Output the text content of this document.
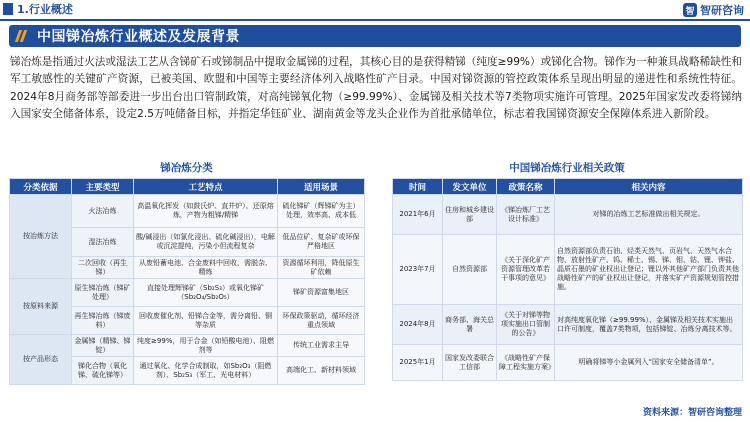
1.行业概述	智 智研咨询
中国锑冶炼行业概述及发展背景

锑冶炼是指通过火法或湿法工艺从含锑矿石或锑制品中提取金属锑的过程，其核心目的是获得精锑（纯度≥99%）或锑化合物。锑作为一种兼具战略稀缺性和军工敏感性的关键矿产资源，已被美国、欧盟和中国等主要经济体列入战略性矿产目录。中国对锑资源的管控政策体系呈现出明显的递进性和系统性特征。2024年8月商务部等部委进一步出台出口管制政策，对高纯锑氧化物（≥99.99%）、金属锑及相关技术等7类物项实施许可管理。2025年国家发改委将锑纳入国家安全储备体系，设定2.5万吨储备目标，并指定华钰矿业、湖南黄金等龙头企业作为首批承储单位，标志着我国锑资源安全保障体系进入新阶段。

锑冶炼分类	中国锑冶炼行业相关政策
分类依据	主要类型	工艺特点	适用场景
按冶炼方法	火法冶炼	高温氧化挥发（如鼓氏炉、直井炉），还原熔炼，产物为粗锑/精锑	硫化锑矿（辉锑矿为主）处理，效率高、成本低
	湿法冶炼	酸/碱浸出（如氯化浸出、硫化碱浸出），电解或沉淀提纯，污染小但流程复杂	低品位矿、复杂矿或环保严格地区
	二次回收（再生锑）	从废铅蓄电池、合金废料中回收，需脱杂、精炼	资源循环利用，降低原生矿依赖
按原料来源	原生锑冶炼（锑矿处理）	直接处理辉锑矿（Sb₂S₃）或氧化锑矿（Sb₂O₄/Sb₂O₅）	锑矿资源富集地区
	再生锑冶炼（锑废料）	回收废催化剂、铅锑合金等，需分离铅、铜等杂质	环保政策驱动，循环经济重点领域
按产品形态	金属锑（精锑、锑锭）	纯度≥99%，用于合金（如铅酸电池）、阻燃剂等	传统工业需求主导
	锑化合物（氧化锑、硫化锑等）	通过氧化、化学合成制取，如Sb₂O₃（阻燃剂）、Sb₂S₃（军工、光电材料）	高端化工、新材料领域
时间	发文单位	政策名称	相关内容
2021年6月	住房和城乡建设部	《锑冶炼厂工艺设计标准》	对锑的冶炼工艺标准做出相关规定。
2023年7月	自然资源部	《关于深化矿产资源管理改革若干事项的意见》	自然资源部负责石油、烃类天然气、页岩气、天然气水合物、放射性矿产、钨、稀土、锡、锑、钼、钴、锂、钾盐、晶质石墨的矿业权出让登记；锂以外其他矿产部门负责其他战略性矿产的矿业权出让登记，并落实矿产资源规划管控措施。
2024年8月	商务部、海关总署	《关于对锑等物项实施出口管制的公告》	对高纯度氧化锑（≥99.99%）、金属锑及相关技术实施出口许可制度，覆盖7类物项，包括锑锭、冶炼分离技术等。
2025年1月	国家发改委联合工信部	《战略性矿产保障工程实施方案》	明确将锑等小金属列入“国家安全储备清单”。
资料来源：智研咨询整理
